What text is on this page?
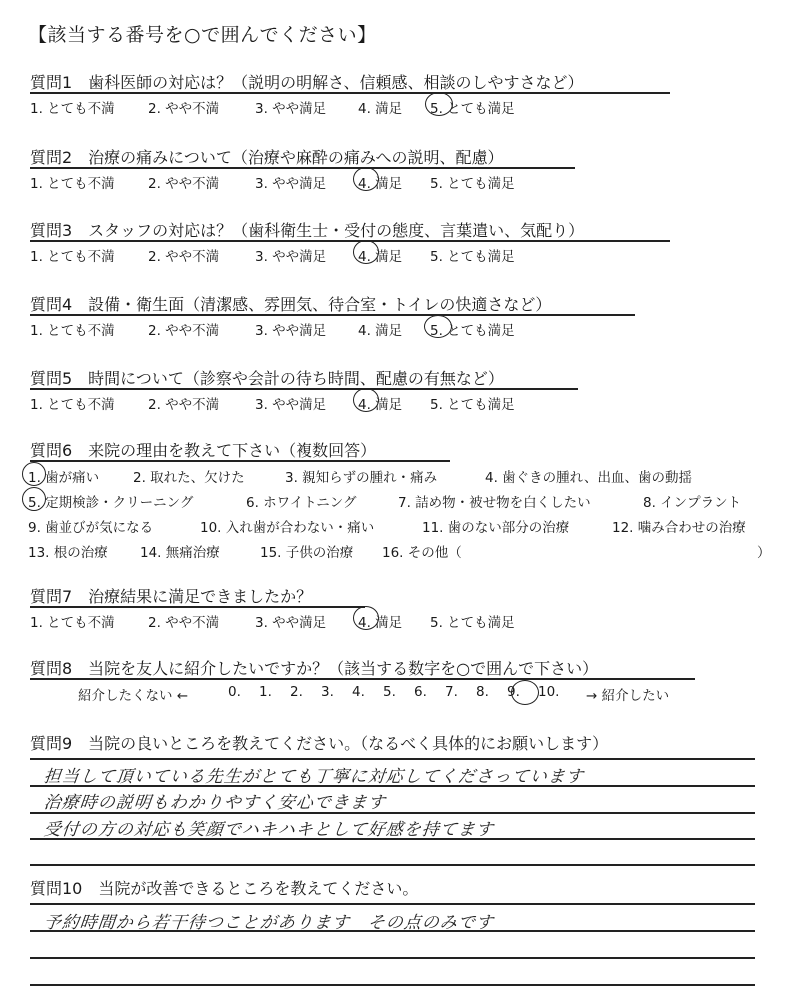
【該当する番号を○で囲んでください】
質問1　歯科医師の対応は？（説明の明解さ、信頼感、相談のしやすさなど）
1. とても不満	2. やや不満	3. やや満足	4. 満足	5. とても満足
質問2　治療の痛みについて（治療や麻酔の痛みへの説明、配慮）
1. とても不満	2. やや不満	3. やや満足	4. 満足	5. とても満足
質問3　スタッフの対応は？（歯科衛生士・受付の態度、言葉遣い、気配り）
1. とても不満	2. やや不満	3. やや満足	4. 満足	5. とても満足
質問4　設備・衛生面（清潔感、雰囲気、待合室・トイレの快適さなど）
1. とても不満	2. やや不満	3. やや満足	4. 満足	5. とても満足
質問5　時間について（診察や会計の待ち時間、配慮の有無など）
1. とても不満	2. やや不満	3. やや満足	4. 満足	5. とても満足
質問6　来院の理由を教えて下さい（複数回答）
1. 歯が痛い	2. 取れた、欠けた	3. 親知らずの腫れ・痛み	4. 歯ぐきの腫れ、出血、歯の動揺
5. 定期検診・クリーニング	6. ホワイトニング	7. 詰め物・被せ物を白くしたい	8. インプラント
9. 歯並びが気になる	10. 入れ歯が合わない・痛い	11. 歯のない部分の治療	12. 噛み合わせの治療
13. 根の治療	14. 無痛治療	15. 子供の治療	16. その他（	）
質問7　治療結果に満足できましたか？
1. とても不満	2. やや不満	3. やや満足	4. 満足	5. とても満足
質問8　当院を友人に紹介したいですか？（該当する数字を○で囲んで下さい）
紹介したくない ←	0.	1.	2.	3.	4.	5.	6.	7.	8.	9.	10.	→ 紹介したい
質問9　当院の良いところを教えてください。（なるべく具体的にお願いします）
担当して頂いている先生がとても丁寧に対応してくださっています
治療時の説明もわかりやすく安心できます
受付の方の対応も笑顔でハキハキとして好感を持てます
質問10　当院が改善できるところを教えてください。
予約時間から若干待つことがあります　その点のみです
